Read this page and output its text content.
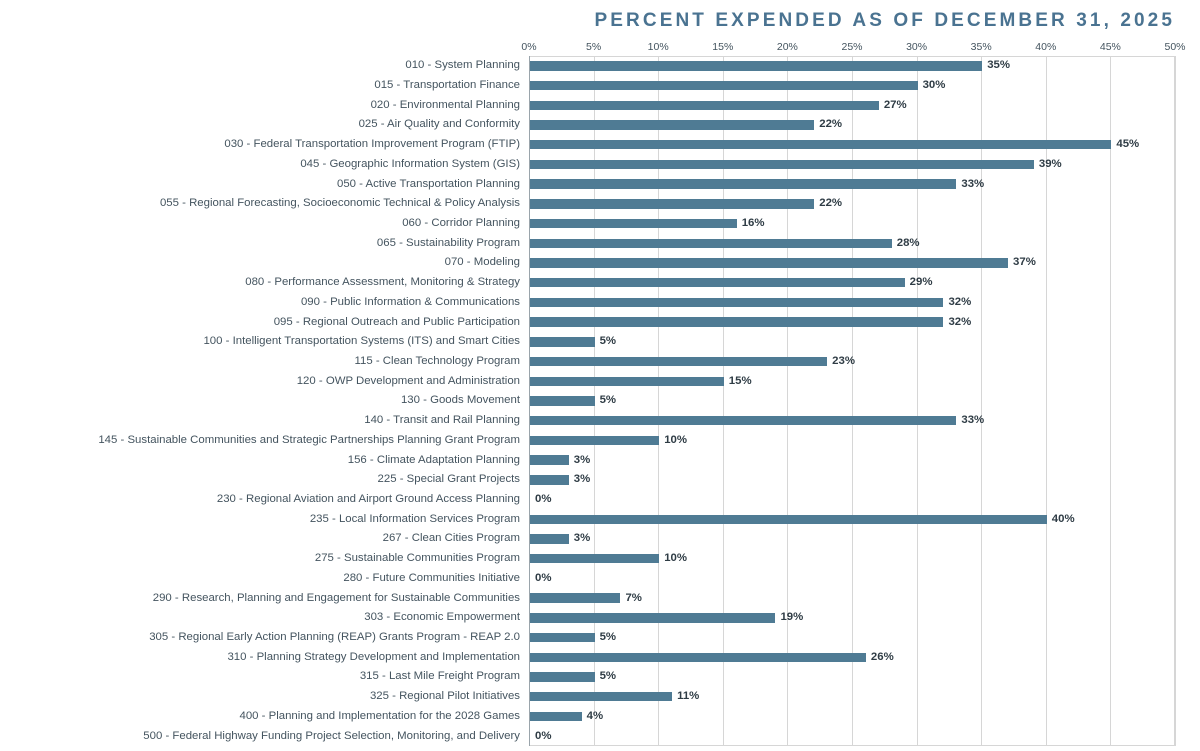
PERCENT EXPENDED AS OF DECEMBER 31, 2025
0%	5%	10%	15%	20%	25%	30%	35%	40%	45%	50%
010 - System Planning	35%
015 - Transportation Finance	30%
020 - Environmental Planning	27%
025 - Air Quality and Conformity	22%
030 - Federal Transportation Improvement Program (FTIP)	45%
045 - Geographic Information System (GIS)	39%
050 - Active Transportation Planning	33%
055 - Regional Forecasting, Socioeconomic Technical & Policy Analysis	22%
060 - Corridor Planning	16%
065 - Sustainability Program	28%
070 - Modeling	37%
080 - Performance Assessment, Monitoring & Strategy	29%
090 - Public Information & Communications	32%
095 - Regional Outreach and Public Participation	32%
100 - Intelligent Transportation Systems (ITS) and Smart Cities	5%
115 - Clean Technology Program	23%
120 - OWP Development and Administration	15%
130 - Goods Movement	5%
140 - Transit and Rail Planning	33%
145 - Sustainable Communities and Strategic Partnerships Planning Grant Program	10%
156 - Climate Adaptation Planning	3%
225 - Special Grant Projects	3%
230 - Regional Aviation and Airport Ground Access Planning 0%
235 - Local Information Services Program	40%
267 - Clean Cities Program	3%
275 - Sustainable Communities Program	10%
280 - Future Communities Initiative 0%
290 - Research, Planning and Engagement for Sustainable Communities	7%
303 - Economic Empowerment	19%
305 - Regional Early Action Planning (REAP) Grants Program - REAP 2.0	5%
310 - Planning Strategy Development and Implementation	26%
315 - Last Mile Freight Program	5%
325 - Regional Pilot Initiatives	11%
400 - Planning and Implementation for the 2028 Games	4%
500 - Federal Highway Funding Project Selection, Monitoring, and Delivery 0%
